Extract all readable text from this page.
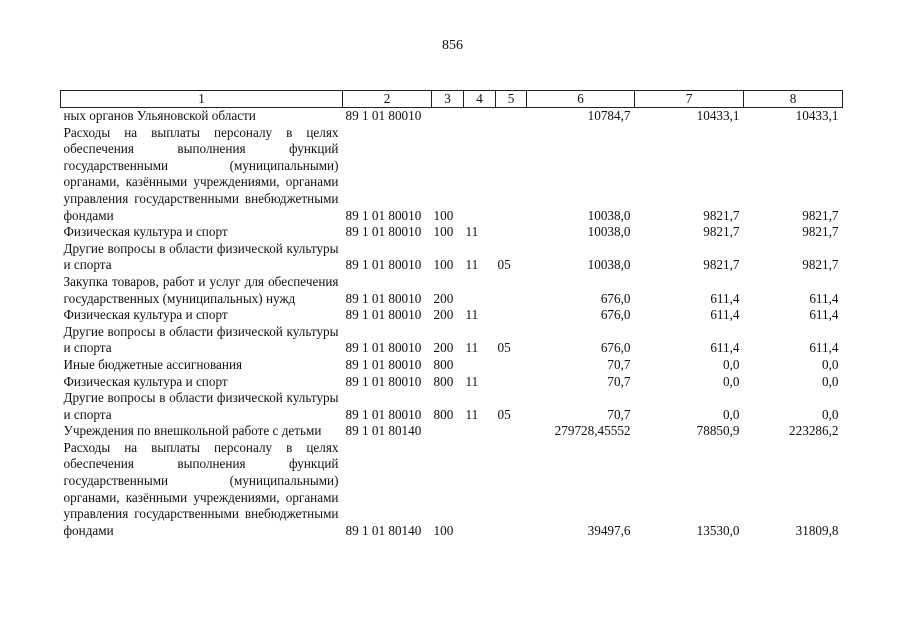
856
1	2	3	4	5	6	7	8
ных органов Ульяновской области	89 1 01 80010				10784,7	10433,1	10433,1
Расходы на выплаты персоналу в целях обеспечения выполнения функций государственными (муниципальными) органами, казёнными учреждениями, органами управления государственными внебюджетными фондами	89 1 01 80010	100			10038,0	9821,7	9821,7
Физическая культура и спорт	89 1 01 80010	100	11		10038,0	9821,7	9821,7
Другие вопросы в области физической культуры и спорта	89 1 01 80010	100	11	05	10038,0	9821,7	9821,7
Закупка товаров, работ и услуг для обеспечения государственных (муниципальных) нужд	89 1 01 80010	200			676,0	611,4	611,4
Физическая культура и спорт	89 1 01 80010	200	11		676,0	611,4	611,4
Другие вопросы в области физической культуры и спорта	89 1 01 80010	200	11	05	676,0	611,4	611,4
Иные бюджетные ассигнования	89 1 01 80010	800			70,7	0,0	0,0
Физическая культура и спорт	89 1 01 80010	800	11		70,7	0,0	0,0
Другие вопросы в области физической культуры и спорта	89 1 01 80010	800	11	05	70,7	0,0	0,0
Учреждения по внешкольной работе с детьми	89 1 01 80140				279728,45552	78850,9	223286,2
Расходы на выплаты персоналу в целях обеспечения выполнения функций государственными (муниципальными) органами, казёнными учреждениями, органами управления государственными внебюджетными фондами	89 1 01 80140	100			39497,6	13530,0	31809,8
